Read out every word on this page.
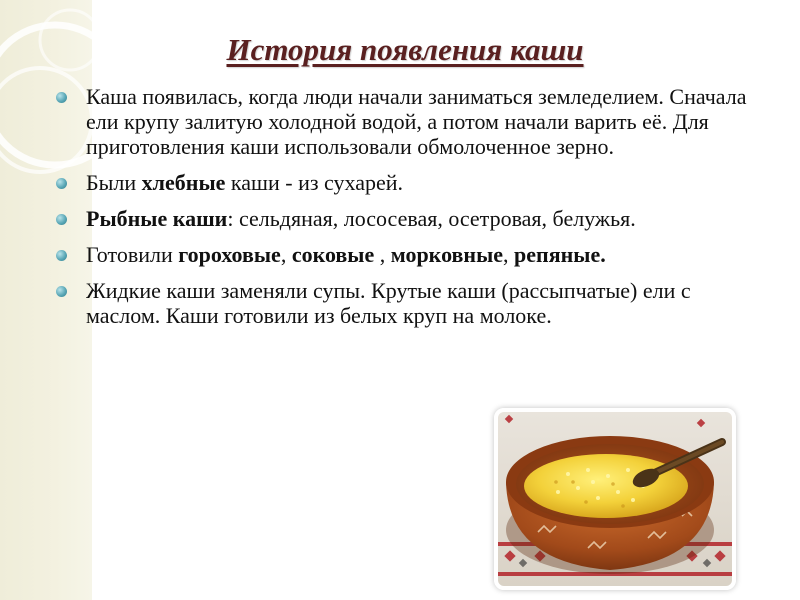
История появления каши
Каша появилась, когда люди начали заниматься земледелием. Сначала ели крупу залитую холодной водой, а потом начали варить её. Для приготовления каши использовали обмолоченное зерно.
Были хлебные каши - из сухарей.
Рыбные каши: сельдяная, лососевая, осетровая, белужья.
Готовили гороховые, соковые , морковные, репяные.
Жидкие каши заменяли супы. Крутые каши (рассыпчатые) ели с маслом. Каши готовили из белых круп на молоке.
